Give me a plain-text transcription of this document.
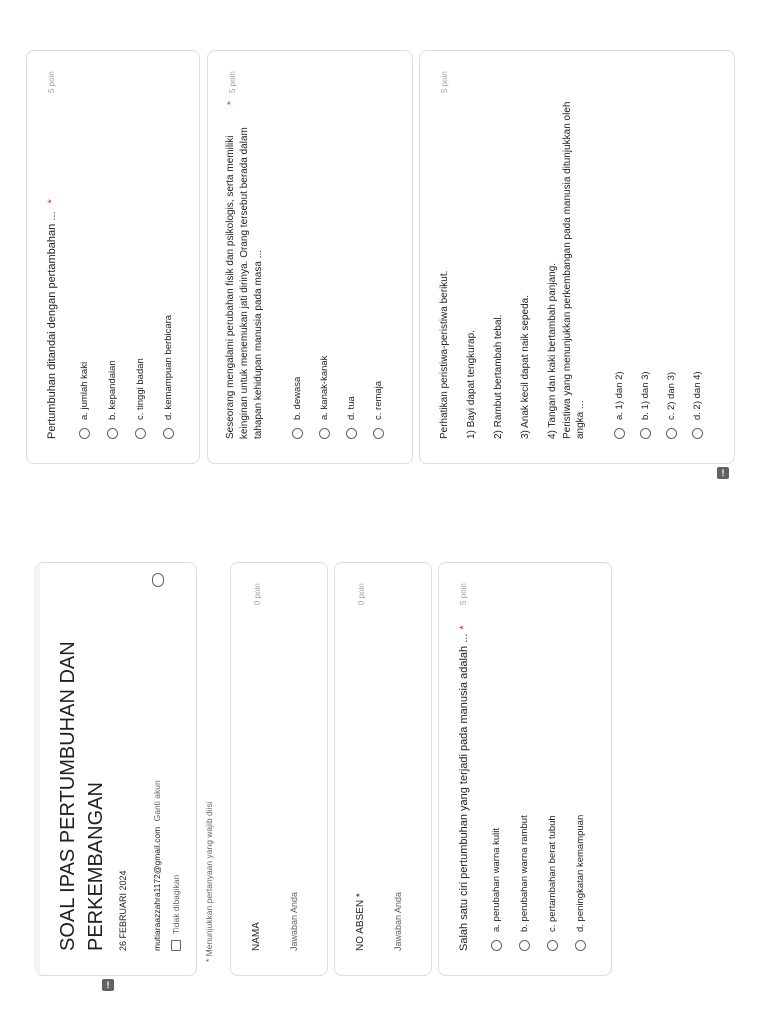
SOAL IPAS PERTUMBUHAN DAN PERKEMBANGAN	26 FEBRUARI 2024	mutiaraazzahra1172@gmail.com Ganti akun
Tidak dibagikan	* Menunjukkan pertanyaan yang wajib diisi	NAMA
0 poin
Jawaban Anda	NO ABSEN *
0 poin
Jawaban Anda	Salah satu ciri pertumbuhan yang terjadi pada manusia adalah ...*
5 poin
a. perubahan warna kulit b. perubahan warna rambut c. pertambahan berat tubuh d. peningkatan kemampuan
!
Pertumbuhan ditandai dengan pertambahan ...*
5 poin
a. jumlah kaki b. kepandaian c. tinggi badan d. kemampuan berbicara	Seseorang mengalami perubahan fisik dan psikologis, serta memiliki keinginan untuk menemukan jati dirinya. Orang tersebut berada dalam tahapan kehidupan manusia pada masa ...
*
5 poin
b. dewasa a. kanak-kanak d. tua c. remaja	Perhatikan peristiwa-peristiwa berikut.
5 poin
1) Bayi dapat tengkurap. 2) Rambut bertambah tebal. 3) Anak kecil dapat naik sepeda. 4) Tangan dan kaki bertambah panjang. Peristiwa yang menunjukkan perkembangan pada manusia ditunjukkan oleh angka ...	a. 1) dan 2) b. 1) dan 3) c. 2) dan 3) d. 2) dan 4)
!
